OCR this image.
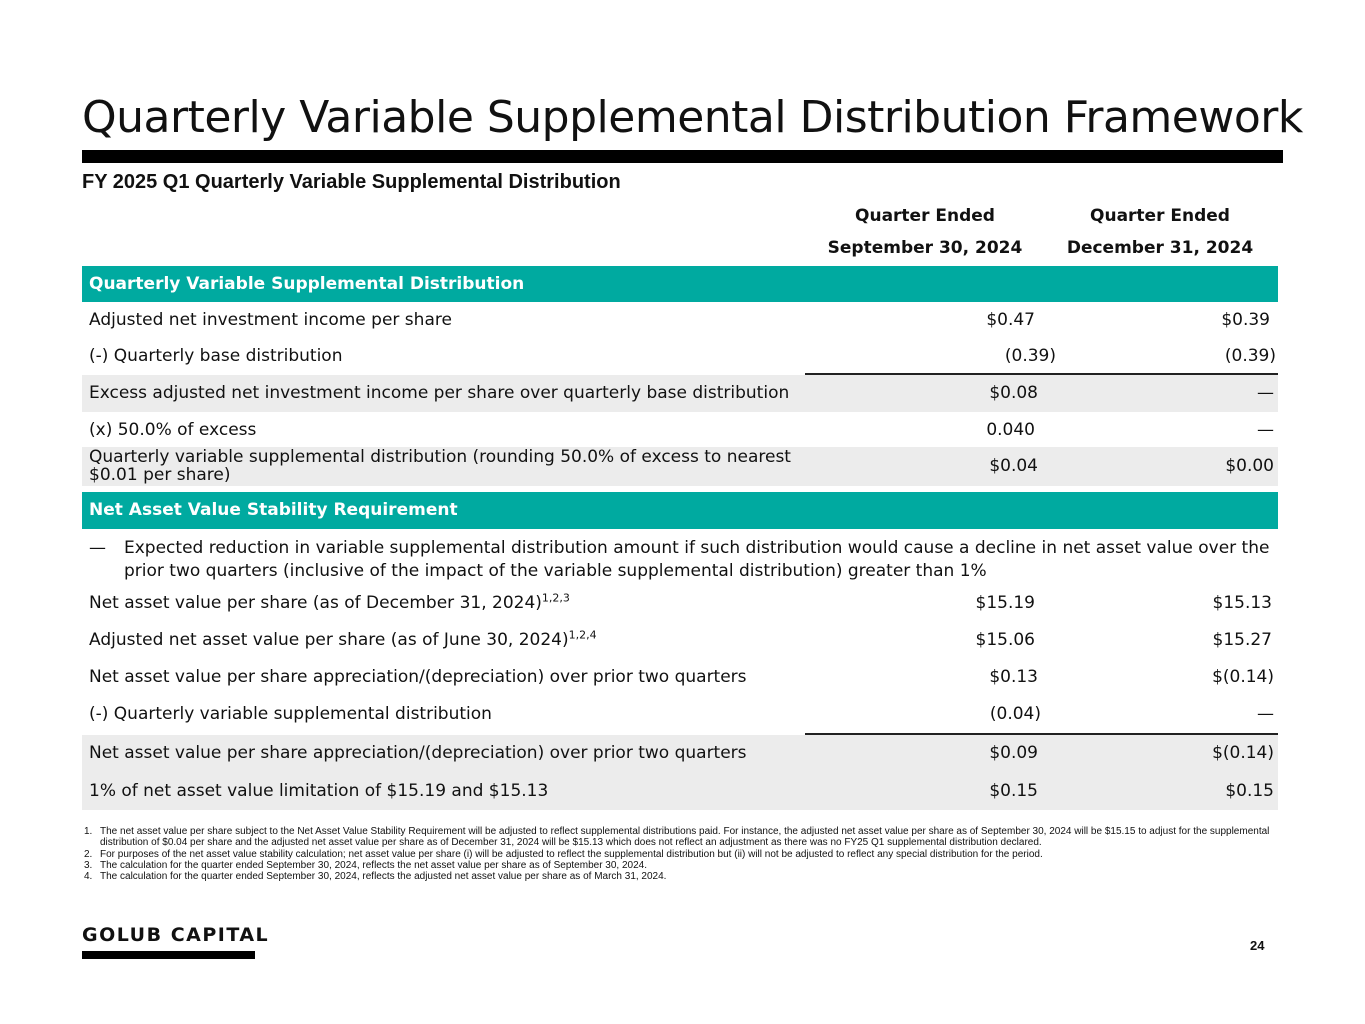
Quarterly Variable Supplemental Distribution Framework
FY 2025 Q1 Quarterly Variable Supplemental Distribution
Quarter Ended
September 30, 2024
Quarter Ended
December 31, 2024
Quarterly Variable Supplemental Distribution
Adjusted net investment income per share	$0.47	$0.39
(-) Quarterly base distribution	(0.39)	(0.39)
Excess adjusted net investment income per share over quarterly base distribution	$0.08	—
(x) 50.0% of excess	0.040	—
Quarterly variable supplemental distribution (rounding 50.0% of excess to nearest
$0.01 per share)	$0.04	$0.00
Net Asset Value Stability Requirement
— Expected reduction in variable supplemental distribution amount if such distribution would cause a decline in net asset value over the prior two quarters (inclusive of the impact of the variable supplemental distribution) greater than 1%
Net asset value per share (as of December 31, 2024)$^{1,2,3}$	$15.19	$15.13
Adjusted net asset value per share (as of June 30, 2024)$^{1,2,4}$	$15.06	$15.27
Net asset value per share appreciation/(depreciation) over prior two quarters	$0.13	$(0.14)
(-) Quarterly variable supplemental distribution	(0.04)	—
Net asset value per share appreciation/(depreciation) over prior two quarters	$0.09	$(0.14)
1% of net asset value limitation of $15.19 and $15.13	$0.15	$0.15
1. The net asset value per share subject to the Net Asset Value Stability Requirement will be adjusted to reflect supplemental distributions paid. For instance, the adjusted net asset value per share as of September 30, 2024 will be $15.15 to adjust for the supplemental distribution of $0.04 per share and the adjusted net asset value per share as of December 31, 2024 will be $15.13 which does not reflect an adjustment as there was no FY25 Q1 supplemental distribution declared.
2. For purposes of the net asset value stability calculation; net asset value per share (i) will be adjusted to reflect the supplemental distribution but (ii) will not be adjusted to reflect any special distribution for the period.
3. The calculation for the quarter ended September 30, 2024, reflects the net asset value per share as of September 30, 2024.
4. The calculation for the quarter ended September 30, 2024, reflects the adjusted net asset value per share as of March 31, 2024.
GOLUB CAPITAL	24
